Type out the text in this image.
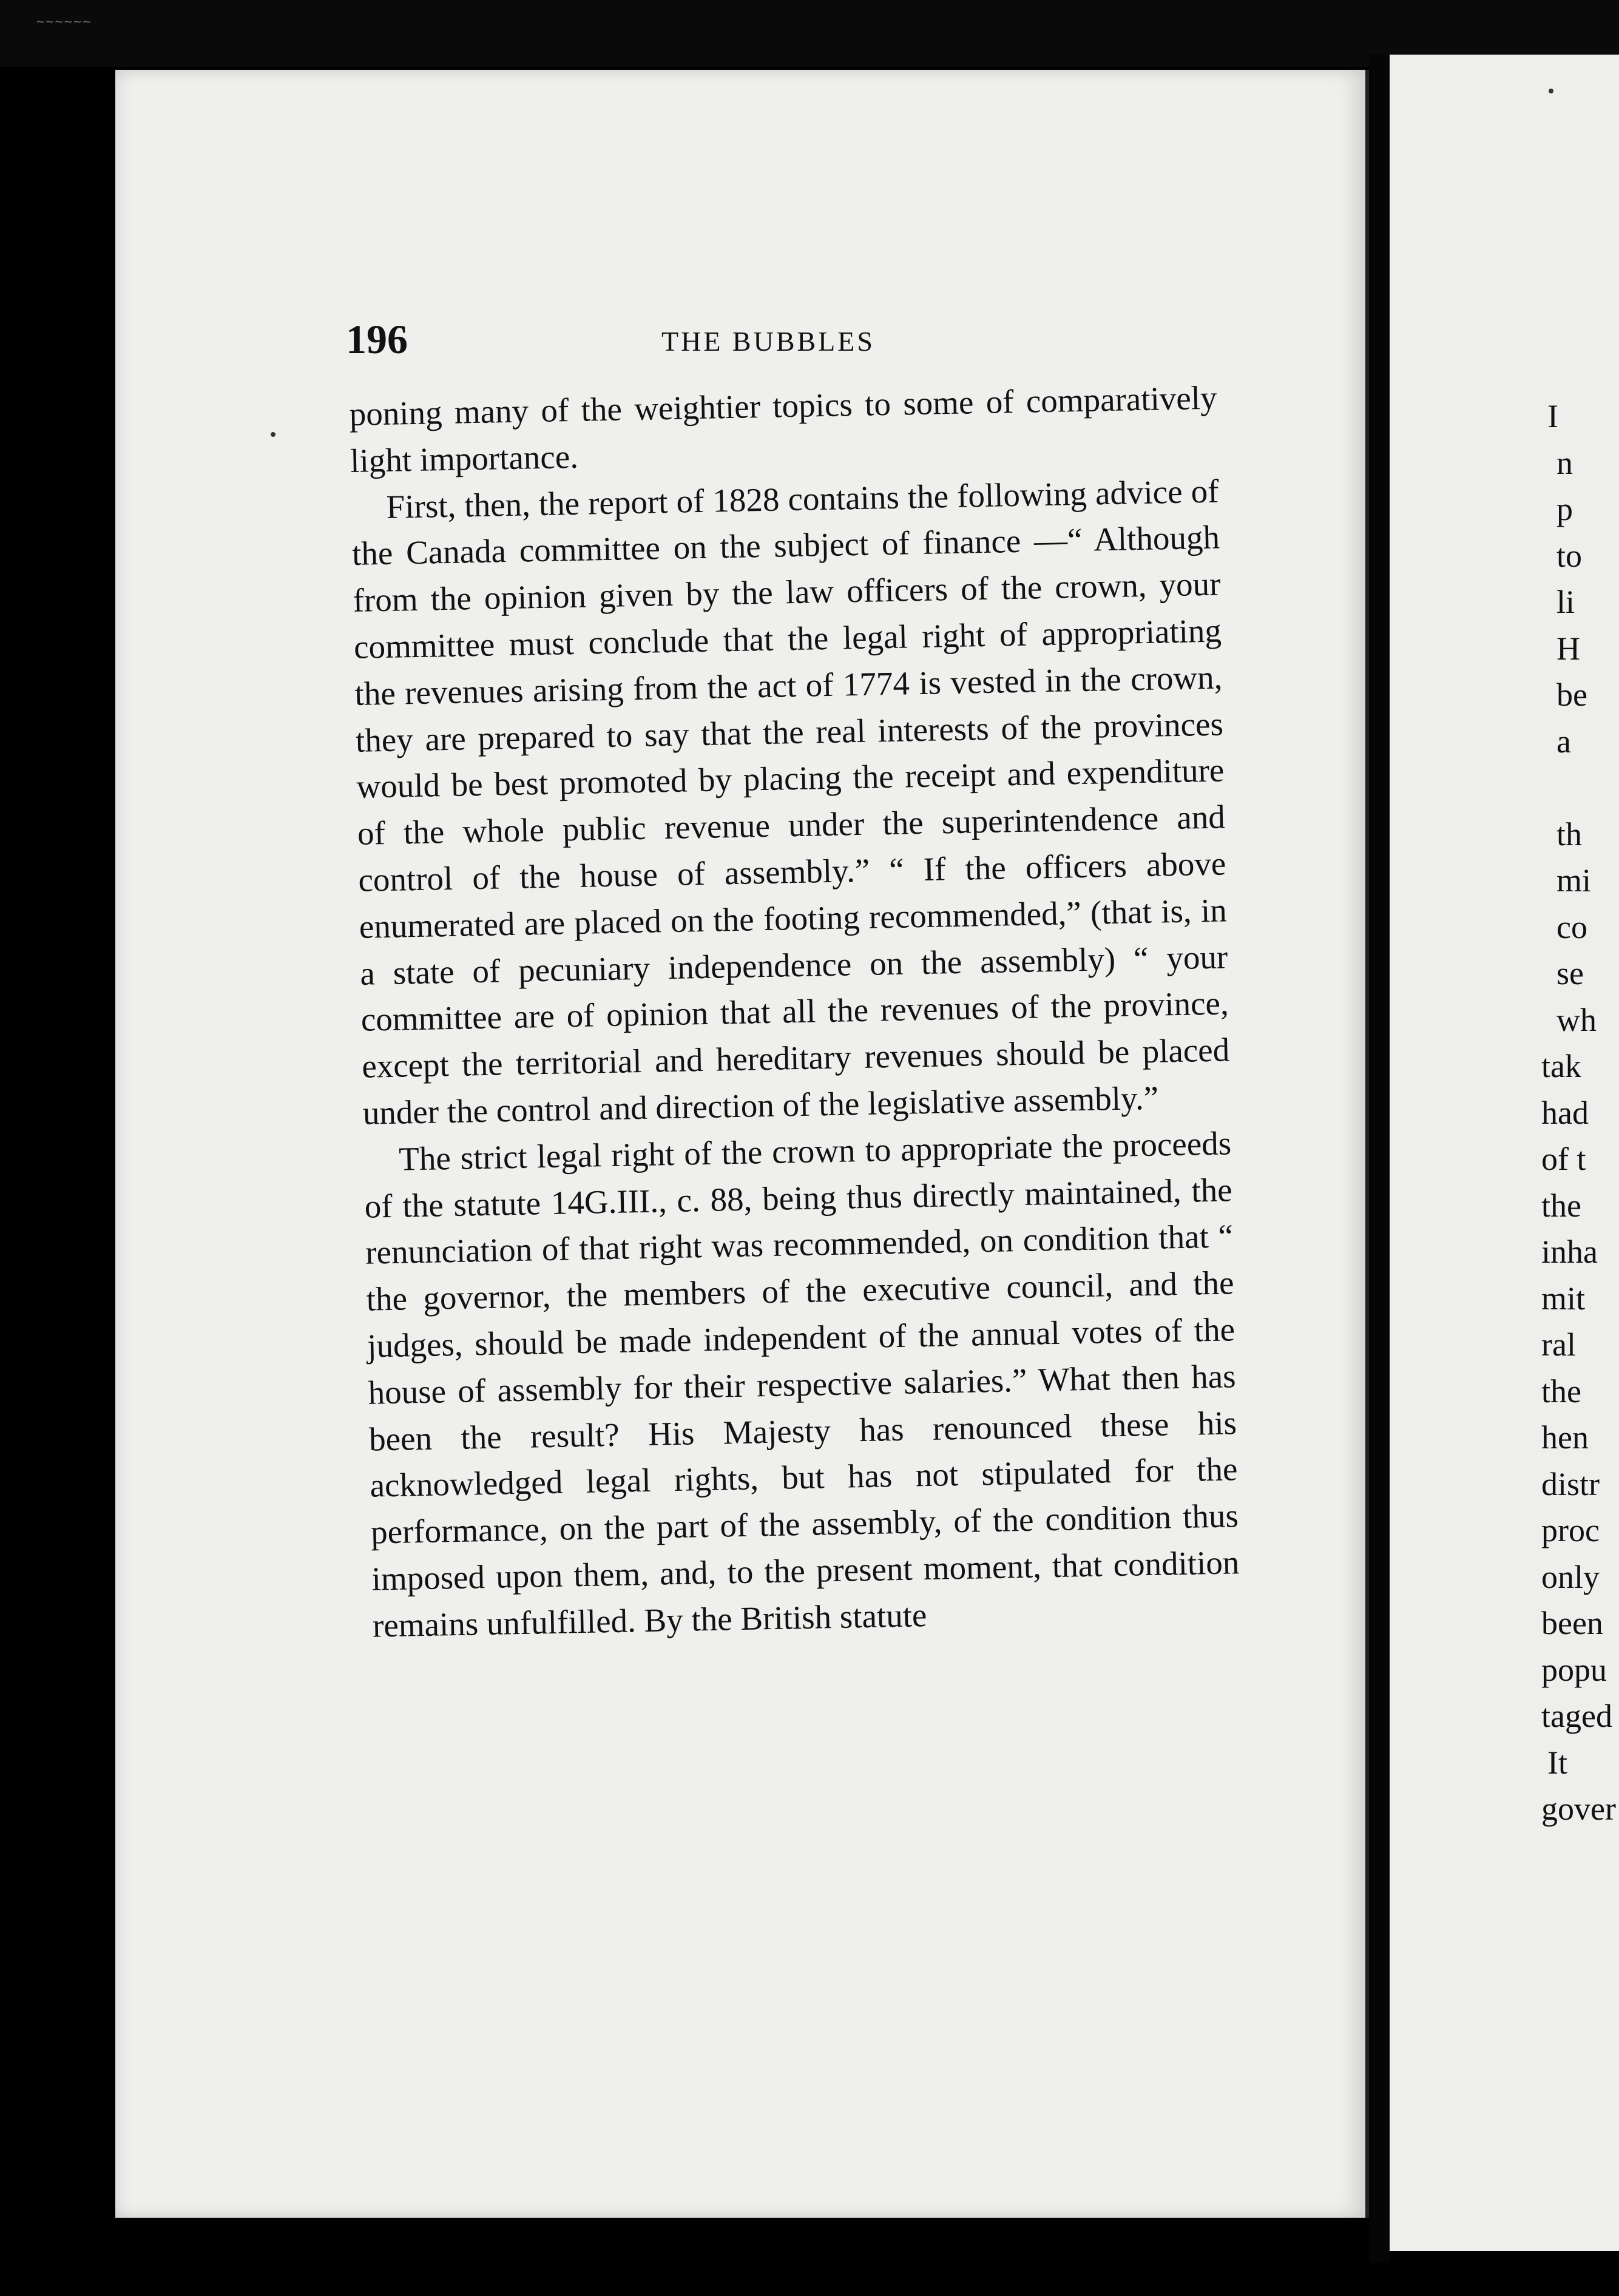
~~~~~~
I
n
p
to
li
H
be
a
th
mi
co
se
wh
tak
had
of t
the
inha
mit
ral
the
hen
distr
proc
only
been
popu
taged
It
gover
196	THE BUBBLES

poning many of the weightier topics to some of comparatively light importance.

First, then, the report of 1828 contains the following advice of the Canada committee on the subject of finance —“ Although from the opinion given by the law officers of the crown, your committee must conclude that the legal right of appropriating the revenues arising from the act of 1774 is vested in the crown, they are prepared to say that the real interests of the provinces would be best promoted by placing the receipt and expenditure of the whole public revenue under the superintendence and control of the house of assembly.” “ If the officers above enumerated are placed on the footing recommended,” (that is, in a state of pecuniary independence on the assembly) “ your committee are of opinion that all the revenues of the province, except the territorial and hereditary revenues should be placed under the control and direction of the legislative assembly.”

The strict legal right of the crown to appropriate the proceeds of the statute 14G.III., c. 88, being thus directly maintained, the renunciation of that right was recommended, on condition that “ the governor, the members of the executive council, and the judges, should be made independent of the annual votes of the house of assembly for their respective salaries.” What then has been the result? His Majesty has renounced these his acknowledged legal rights, but has not stipulated for the performance, on the part of the assembly, of the condition thus imposed upon them, and, to the present moment, that condition remains unfulfilled. By the British statute
